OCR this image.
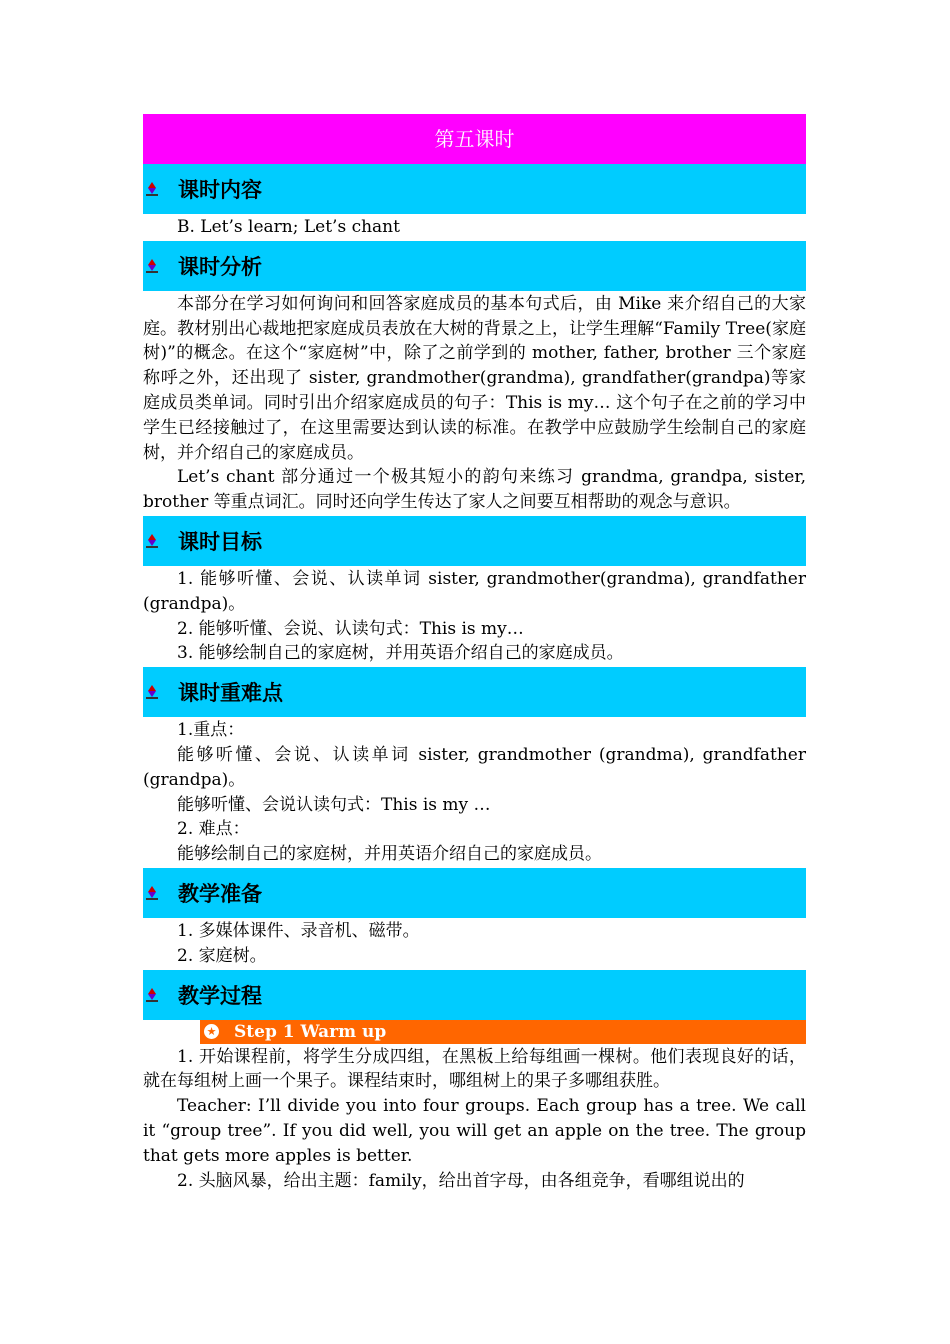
第五课时
课时内容

B. Let’s learn; Let’s chant

课时分析

本部分在学习如何询问和回答家庭成员的基本句式后，由 Mike 来介绍自己的大家庭。教材别出心裁地把家庭成员表放在大树的背景之上，让学生理解“Family Tree(家庭树)”的概念。在这个“家庭树”中，除了之前学到的 mother, father, brother 三个家庭称呼之外，还出现了 sister, grandmother(grandma), grandfather(grandpa)等家庭成员类单词。同时引出介绍家庭成员的句子：This is my… 这个句子在之前的学习中学生已经接触过了，在这里需要达到认读的标准。在教学中应鼓励学生绘制自己的家庭树，并介绍自己的家庭成员。

Let’s chant 部分通过一个极其短小的韵句来练习 grandma, grandpa, sister, brother 等重点词汇。同时还向学生传达了家人之间要互相帮助的观念与意识。

课时目标

1. 能够听懂、会说、认读单词 sister, grandmother(grandma), grandfather (grandpa)。

2. 能够听懂、会说、认读句式：This is my…

3. 能够绘制自己的家庭树，并用英语介绍自己的家庭成员。

课时重难点

1.重点：

能够听懂、会说、认读单词 sister, grandmother (grandma), grandfather (grandpa)。

能够听懂、会说认读句式：This is my …

2. 难点：

能够绘制自己的家庭树，并用英语介绍自己的家庭成员。

教学准备

1. 多媒体课件、录音机、磁带。

2. 家庭树。

教学过程
★ Step 1 Warm up

1. 开始课程前，将学生分成四组，在黑板上给每组画一棵树。他们表现良好的话，就在每组树上画一个果子。课程结束时，哪组树上的果子多哪组获胜。

Teacher: I’ll divide you into four groups. Each group has a tree. We call it “group tree”. If you did well, you will get an apple on the tree. The group that gets more apples is better.

2. 头脑风暴，给出主题：family，给出首字母，由各组竞争，看哪组说出的
